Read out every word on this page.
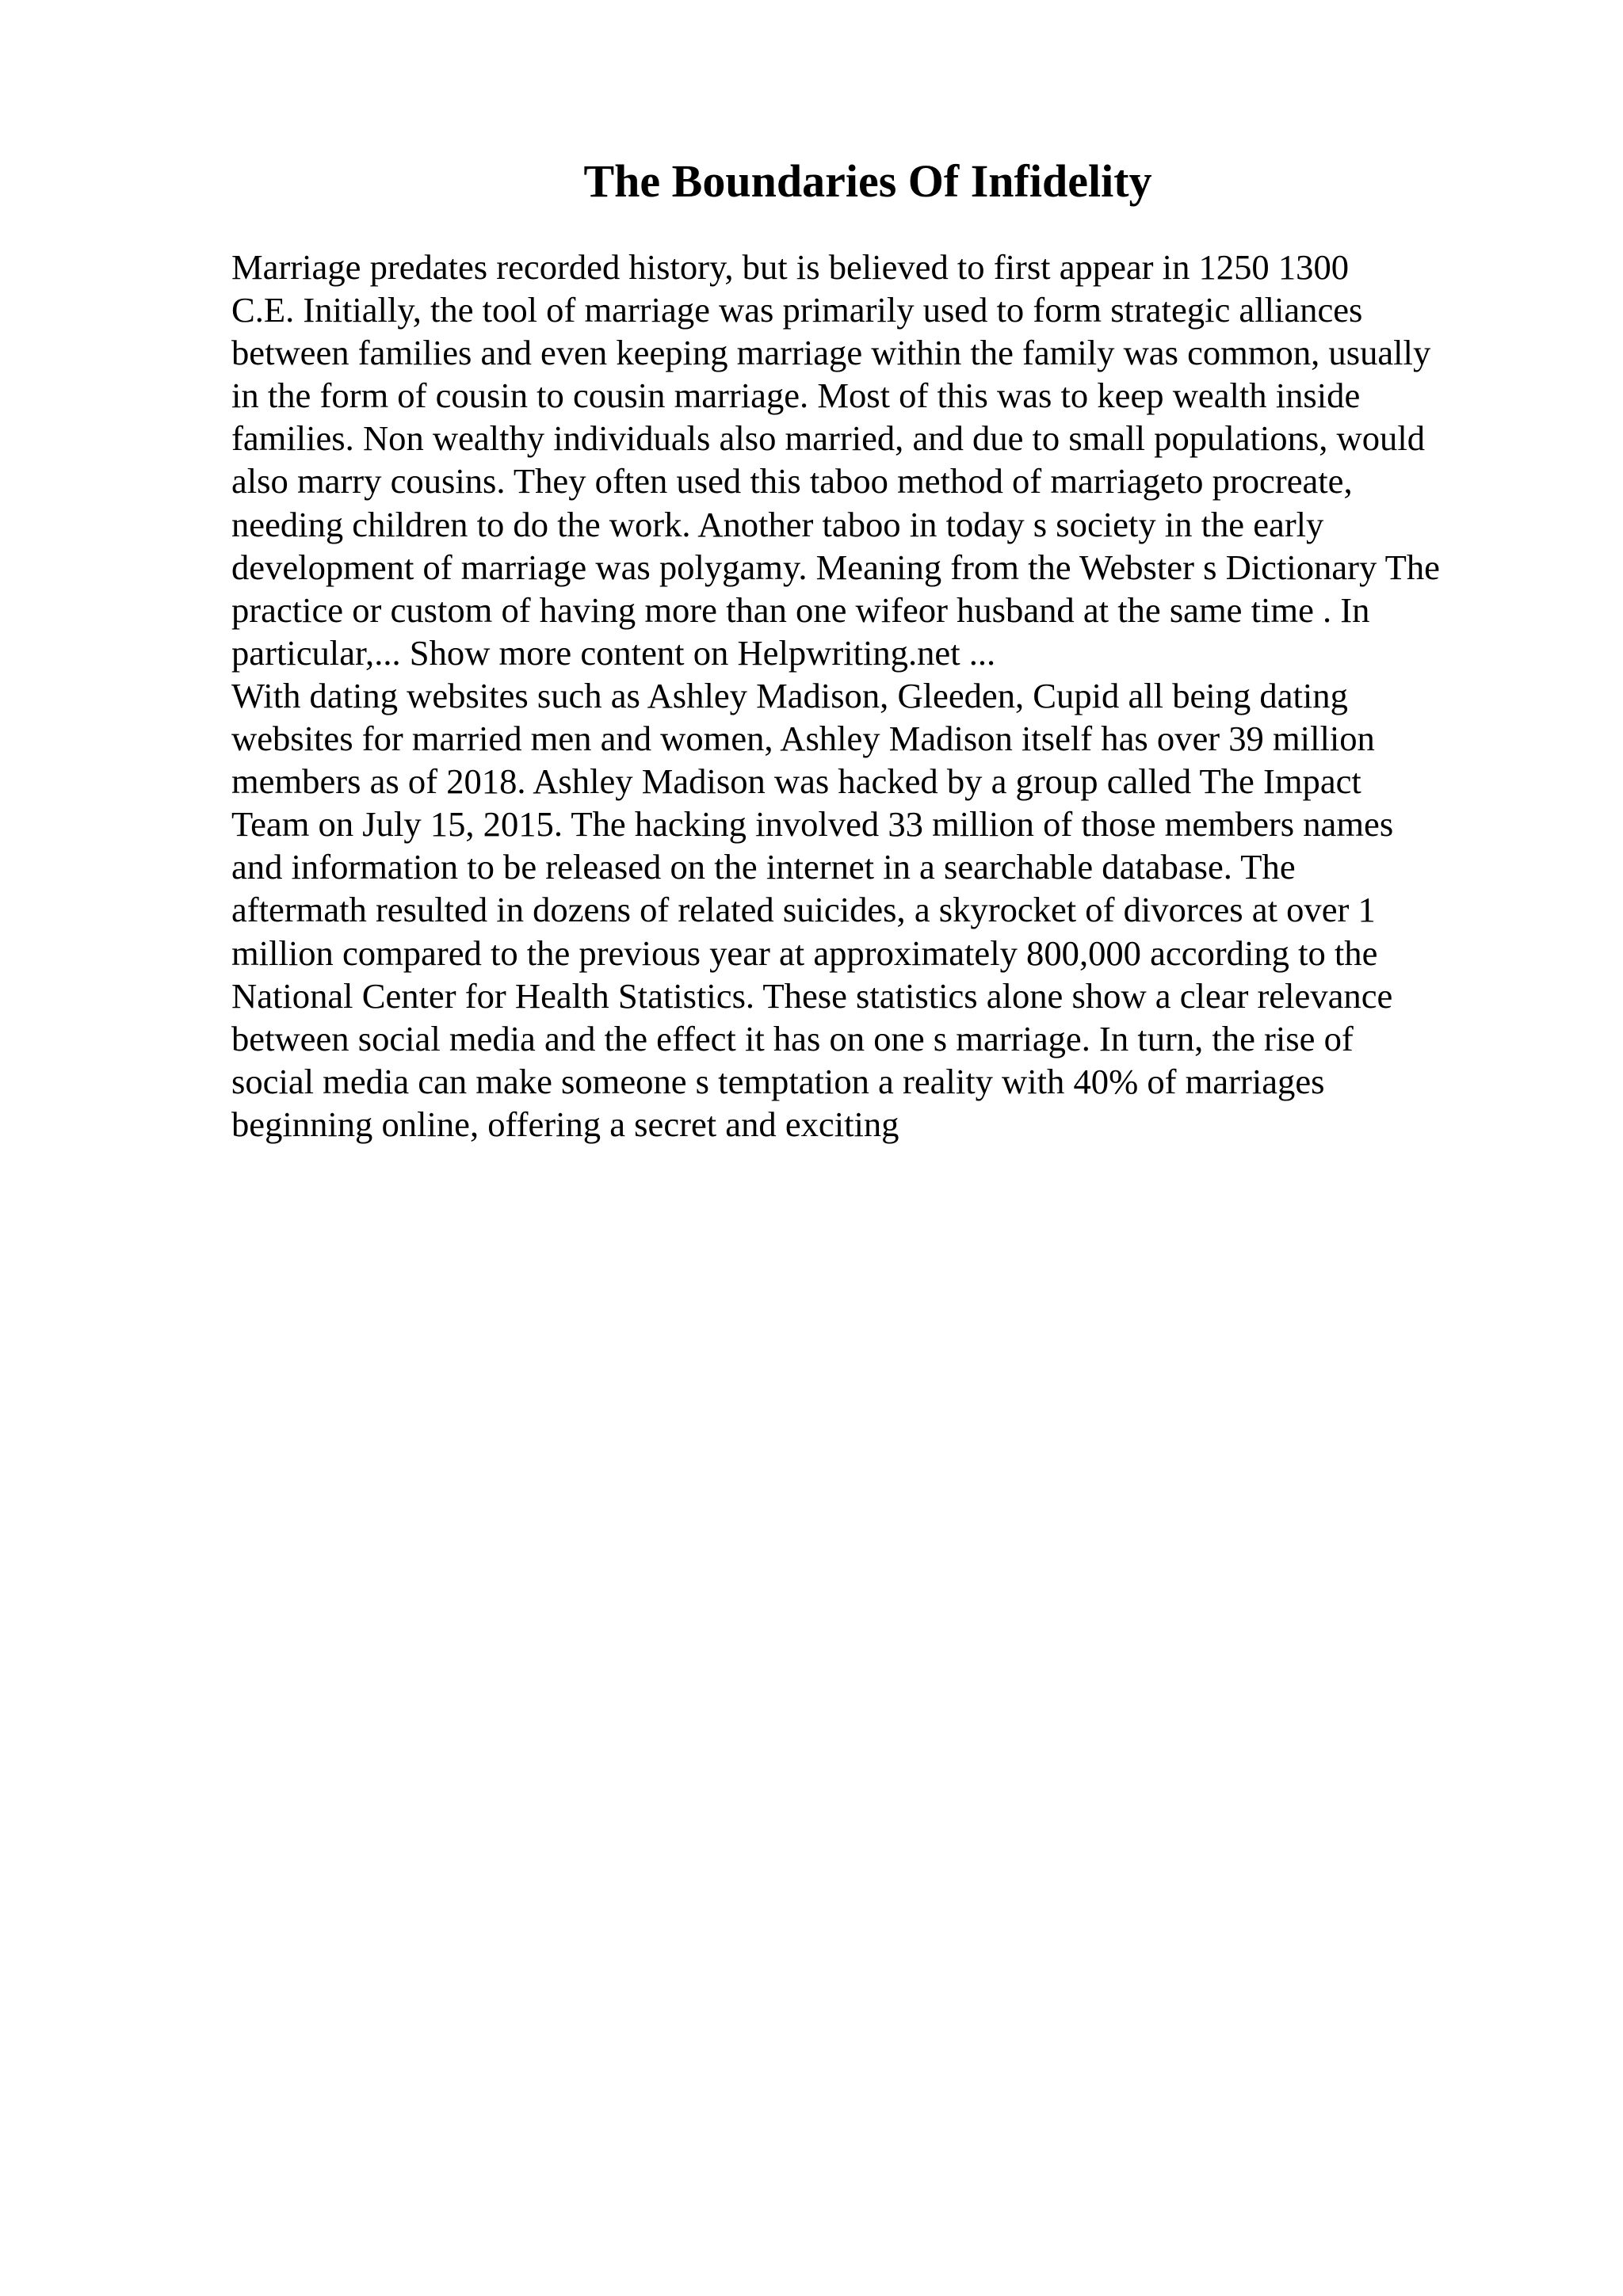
The Boundaries Of Infidelity
Marriage predates recorded history, but is believed to first appear in 1250 1300
C.E. Initially, the tool of marriage was primarily used to form strategic alliances
between families and even keeping marriage within the family was common, usually
in the form of cousin to cousin marriage. Most of this was to keep wealth inside
families. Non wealthy individuals also married, and due to small populations, would
also marry cousins. They often used this taboo method of marriageto procreate,
needing children to do the work. Another taboo in today s society in the early
development of marriage was polygamy. Meaning from the Webster s Dictionary The
practice or custom of having more than one wifeor husband at the same time . In
particular,... Show more content on Helpwriting.net ...
With dating websites such as Ashley Madison, Gleeden, Cupid all being dating
websites for married men and women, Ashley Madison itself has over 39 million
members as of 2018. Ashley Madison was hacked by a group called The Impact
Team on July 15, 2015. The hacking involved 33 million of those members names
and information to be released on the internet in a searchable database. The
aftermath resulted in dozens of related suicides, a skyrocket of divorces at over 1
million compared to the previous year at approximately 800,000 according to the
National Center for Health Statistics. These statistics alone show a clear relevance
between social media and the effect it has on one s marriage. In turn, the rise of
social media can make someone s temptation a reality with 40% of marriages
beginning online, offering a secret and exciting
